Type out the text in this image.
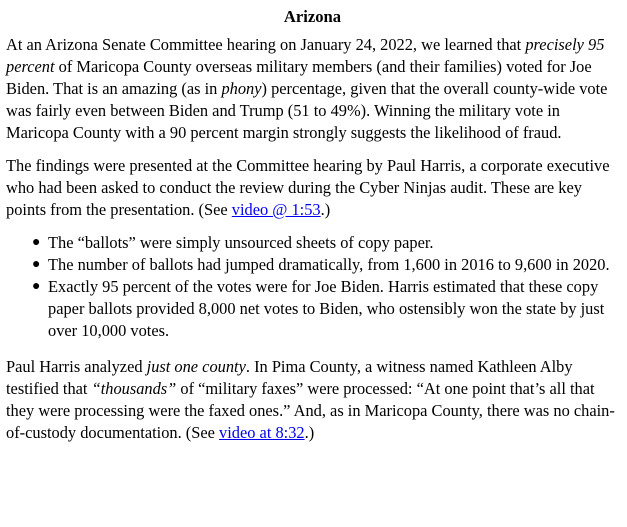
Arizona

At an Arizona Senate Committee hearing on January 24, 2022, we learned that precisely 95 percent of Maricopa County overseas military members (and their families) voted for Joe Biden. That is an amazing (as in phony) percentage, given that the overall county-wide vote was fairly even between Biden and Trump (51 to 49%). Winning the military vote in Maricopa County with a 90 percent margin strongly suggests the likelihood of fraud.

The findings were presented at the Committee hearing by Paul Harris, a corporate executive who had been asked to conduct the review during the Cyber Ninjas audit. These are key points from the presentation. (See video @ 1:53.)

● The “ballots” were simply unsourced sheets of copy paper.
● The number of ballots had jumped dramatically, from 1,600 in 2016 to 9,600 in 2020.
● Exactly 95 percent of the votes were for Joe Biden. Harris estimated that these copy paper ballots provided 8,000 net votes to Biden, who ostensibly won the state by just over 10,000 votes.

Paul Harris analyzed just one county. In Pima County, a witness named Kathleen Alby testified that “thousands” of “military faxes” were processed: “At one point that’s all that they were processing were the faxed ones.” And, as in Maricopa County, there was no chain-of-custody documentation. (See video at 8:32.)
